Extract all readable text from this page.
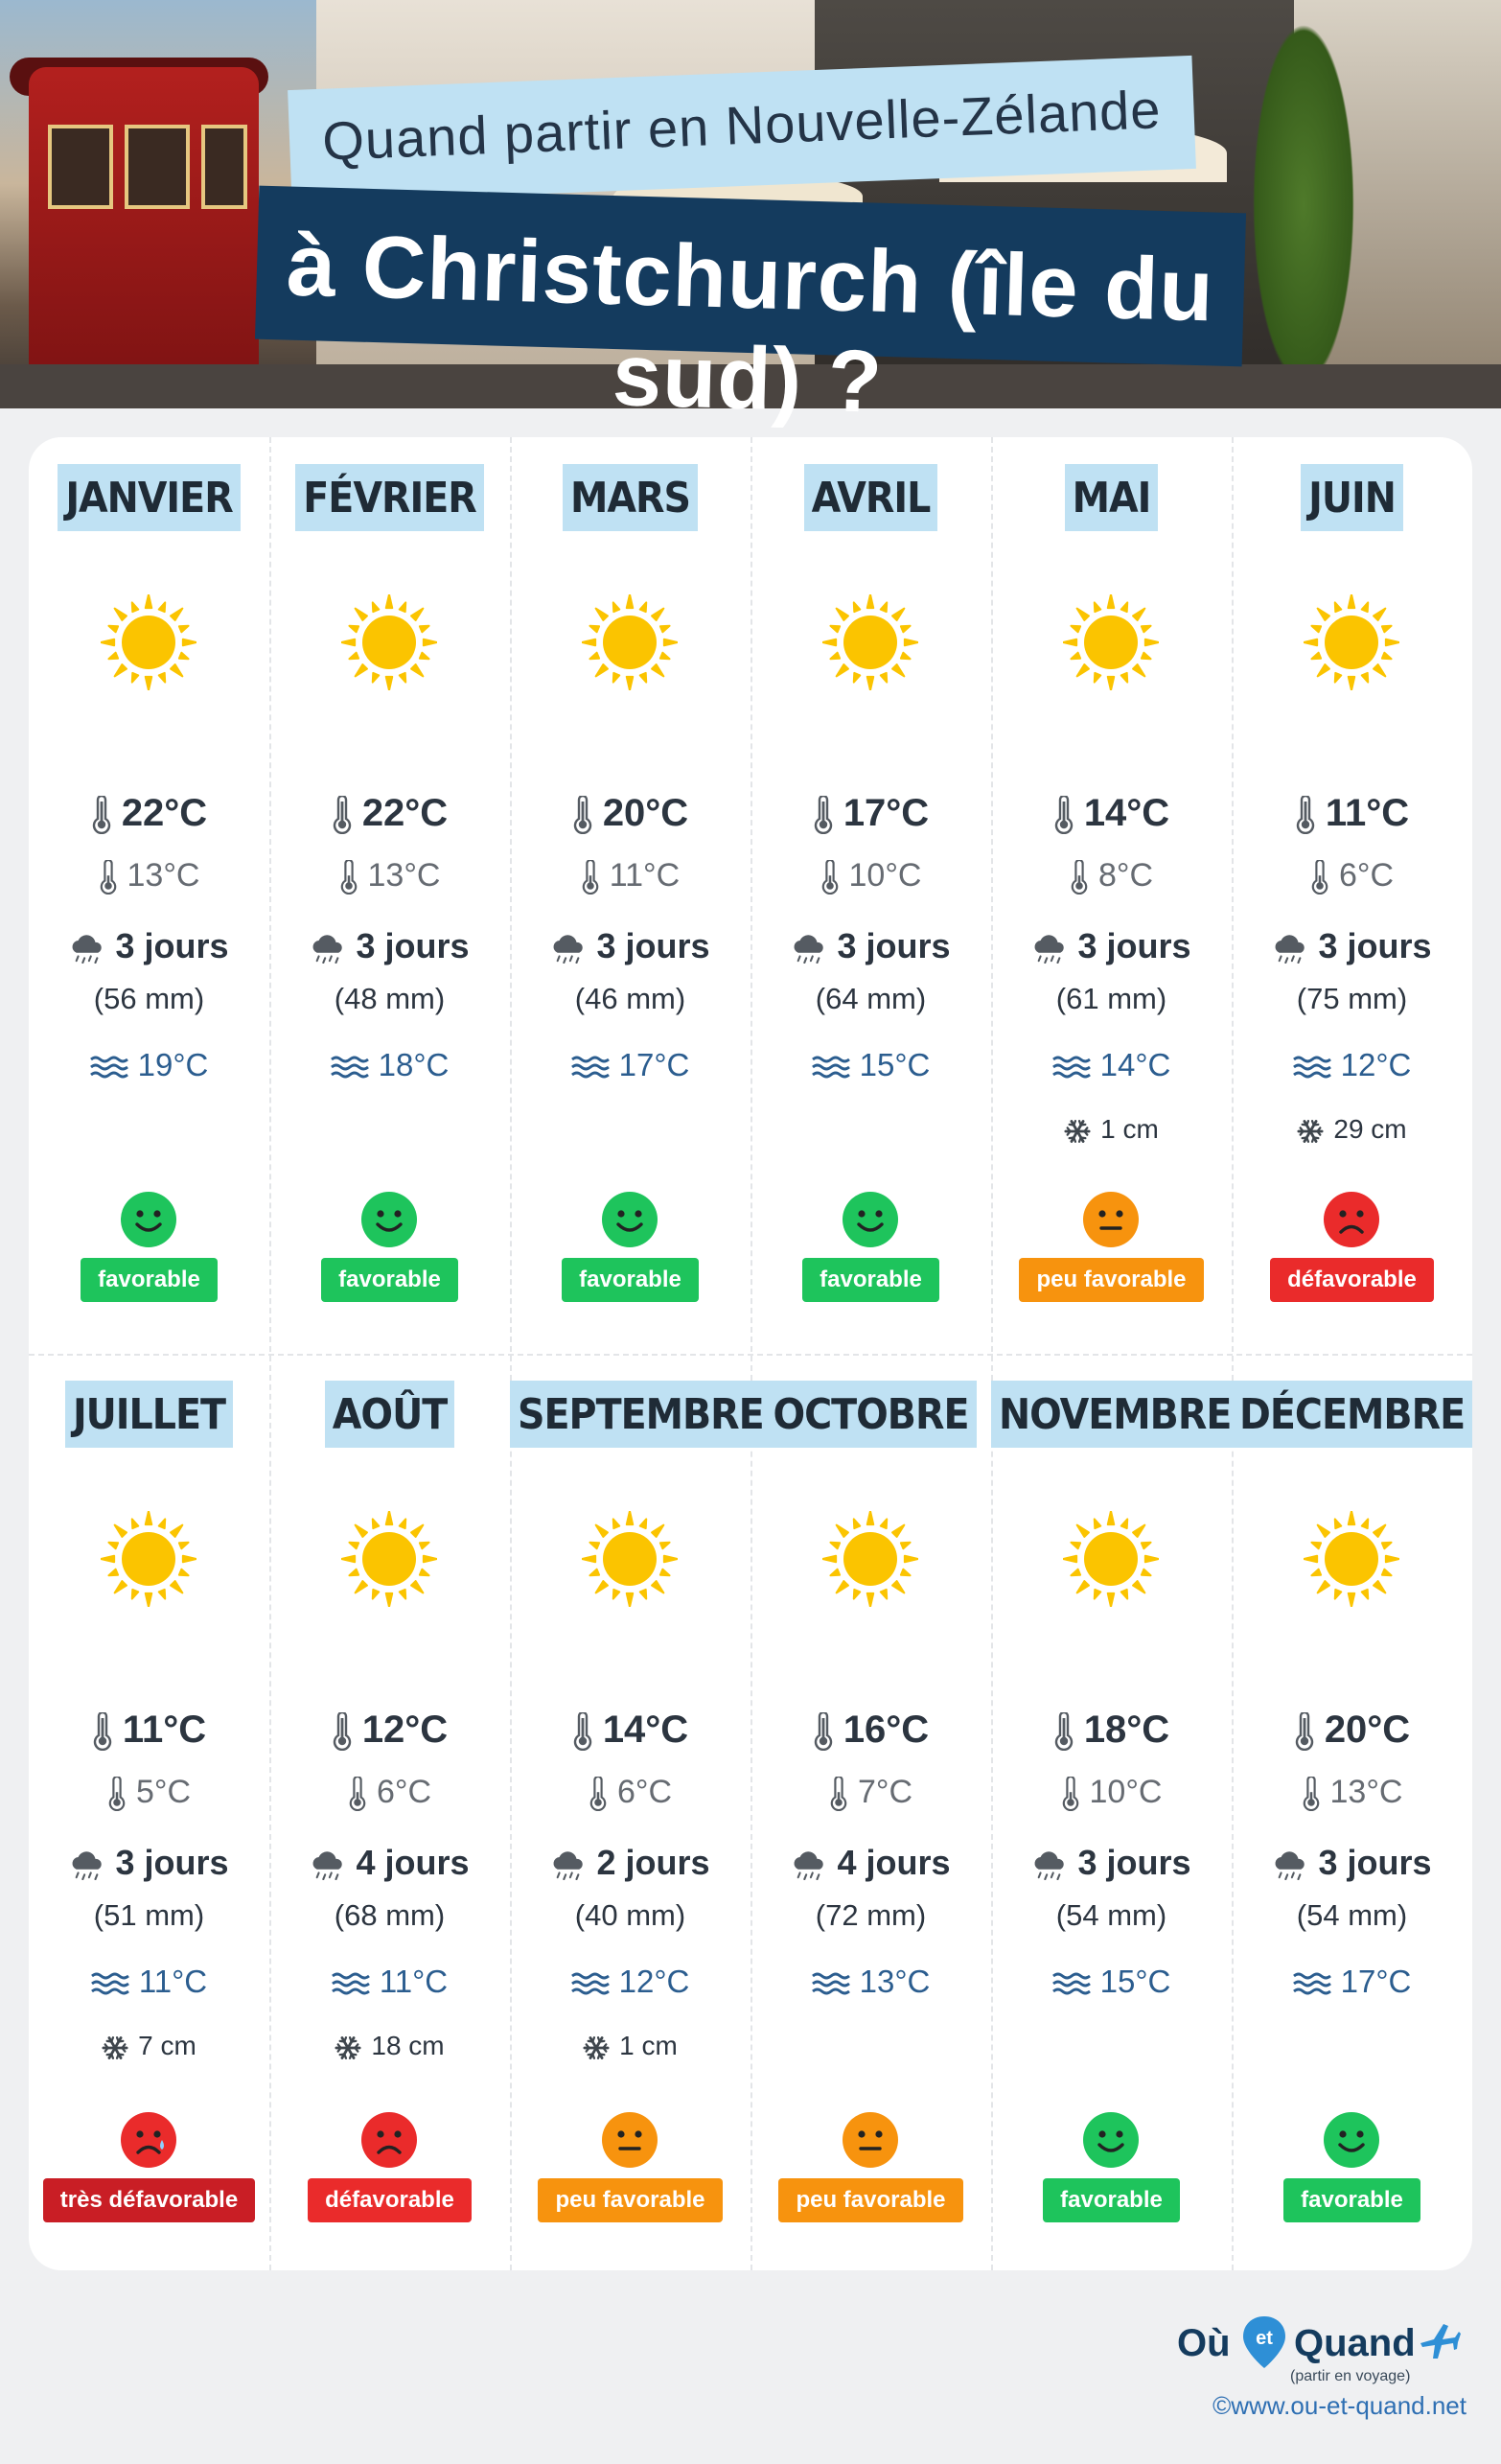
Quand partir en Nouvelle-Zélande
à Christchurch (île du sud) ?
JANVIER
22°C
13°C
3 jours
(56 mm)
19°C
favorable
FÉVRIER
22°C
13°C
3 jours
(48 mm)
18°C
favorable
MARS
20°C
11°C
3 jours
(46 mm)
17°C
favorable
AVRIL
17°C
10°C
3 jours
(64 mm)
15°C
favorable
MAI
14°C
8°C
3 jours
(61 mm)
14°C
1 cm
peu favorable
JUIN
11°C
6°C
3 jours
(75 mm)
12°C
29 cm
défavorable
JUILLET
11°C
5°C
3 jours
(51 mm)
11°C
7 cm
très défavorable
AOÛT
12°C
6°C
4 jours
(68 mm)
11°C
18 cm
défavorable
SEPTEMBRE
14°C
6°C
2 jours
(40 mm)
12°C
1 cm
peu favorable
OCTOBRE
16°C
7°C
4 jours
(72 mm)
13°C
peu favorable
NOVEMBRE
18°C
10°C
3 jours
(54 mm)
15°C
favorable
DÉCEMBRE
20°C
13°C
3 jours
(54 mm)
17°C
favorable
Où et Quand
(partir en voyage)
©www.ou-et-quand.net
